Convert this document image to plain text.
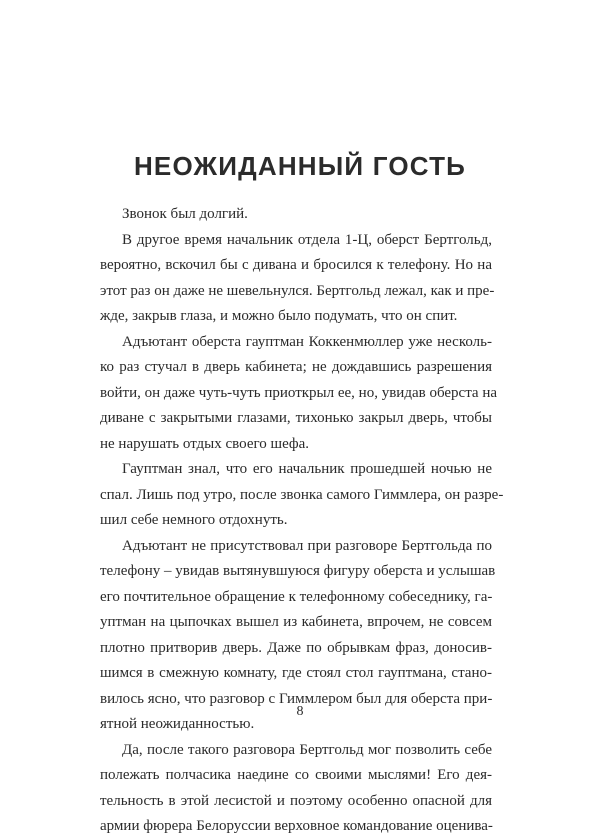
НЕОЖИДАННЫЙ ГОСТЬ
Звонок был долгий.
В другое время начальник отдела 1-Ц, оберст Бертгольд,
вероятно, вскочил бы с дивана и бросился к телефону. Но на
этот раз он даже не шевельнулся. Бертгольд лежал, как и пре-
жде, закрыв глаза, и можно было подумать, что он спит.
Адъютант оберста гауптман Коккенмюллер уже несколь-
ко раз стучал в дверь кабинета; не дождавшись разрешения
войти, он даже чуть-чуть приоткрыл ее, но, увидав оберста на
диване с закрытыми глазами, тихонько закрыл дверь, чтобы
не нарушать отдых своего шефа.
Гауптман знал, что его начальник прошедшей ночью не
спал. Лишь под утро, после звонка самого Гиммлера, он разре-
шил себе немного отдохнуть.
Адъютант не присутствовал при разговоре Бертгольда по
телефону – увидав вытянувшуюся фигуру оберста и услышав
его почтительное обращение к телефонному собеседнику, га-
уптман на цыпочках вышел из кабинета, впрочем, не совсем
плотно притворив дверь. Даже по обрывкам фраз, доносив-
шимся в смежную комнату, где стоял стол гауптмана, стано-
вилось ясно, что разговор с Гиммлером был для оберста при-
ятной неожиданностью.
Да, после такого разговора Бертгольд мог позволить себе
полежать полчасика наедине со своими мыслями! Его дея-
тельность в этой лесистой и поэтому особенно опасной для
армии фюрера Белоруссии верховное командование оценива-
8
